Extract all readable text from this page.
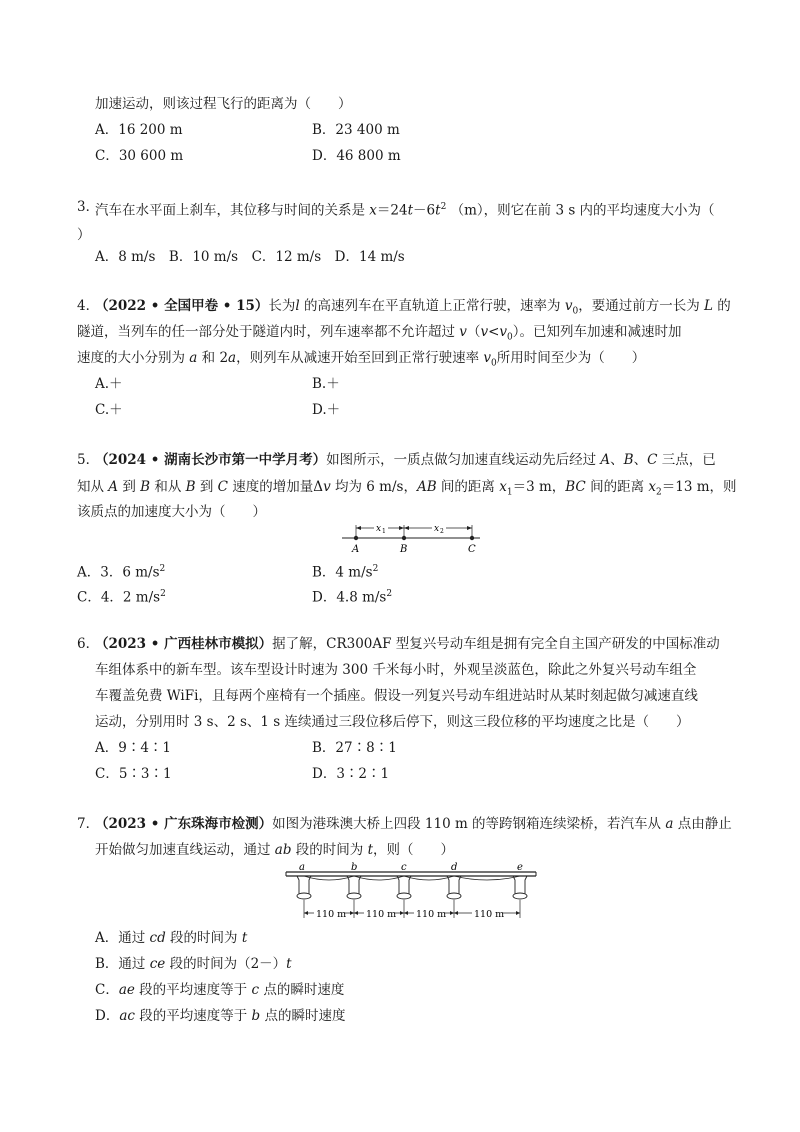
加速运动，则该过程飞行的距离为（　　）
A．16 200 m	B．23 400 m
C．30 600 m	D．46 800 m
3．
汽车在水平面上刹车，其位移与时间的关系是 $x=24t-6t^2$ （m），则它在前 3 s 内的平均速度大小为（
）
A．8 m/s　B．10 m/s　C．12 m/s　D．14 m/s
4．
（2022 • 全国甲卷 • 15）长为l 的高速列车在平直轨道上正常行驶，速率为 $v_0$，要通过前方一长为 L 的
隧道，当列车的任一部分处于隧道内时，列车速率都不允许超过 $v(v<v_0)$。已知列车加速和减速时加
速度的大小分别为 a 和 2a，则列车从减速开始至回到正常行驶速率 $v_0$所用时间至少为（　　）
A.＋	B.＋
C.＋	D.＋
5．
（2024 • 湖南长沙市第一中学月考）如图所示，一质点做匀加速直线运动先后经过 A、B、C 三点，已
知从 A 到 B 和从 B 到 C 速度的增加量Δv 均为 6 m/s，AB 间的距离 $x_1=3$ m，BC 间的距离 $x_2=13$ m，则
该质点的加速度大小为（　　）
x 1	x 2
A	B	C
A．3．6 $m/s^2$	B．4 $m/s^2$
C．4．2 $m/s^2$	D．4.8 $m/s^2$
6．
（2023 • 广西桂林市模拟）据了解，CR300AF 型复兴号动车组是拥有完全自主国产研发的中国标准动
车组体系中的新车型。该车型设计时速为 300 千米每小时，外观呈淡蓝色，除此之外复兴号动车组全
车覆盖免费 WiFi，且每两个座椅有一个插座。假设一列复兴号动车组进站时从某时刻起做匀减速直线
运动，分别用时 3 s、2 s、1 s 连续通过三段位移后停下，则这三段位移的平均速度之比是（　　）
A．9∶4∶1	B．27∶8∶1
C．5∶3∶1	D．3∶2∶1
7．
（2023 • 广东珠海市检测）如图为港珠澳大桥上四段 110 m 的等跨钢箱连续梁桥，若汽车从 a 点由静止
开始做匀加速直线运动，通过 ab 段的时间为 t，则（　　）
a	b	c	d	e
110 m 110 m 110 m	110 m
A．通过 cd 段的时间为 t
B．通过 ce 段的时间为（2－）t
C．ae 段的平均速度等于 c 点的瞬时速度
D．ac 段的平均速度等于 b 点的瞬时速度
